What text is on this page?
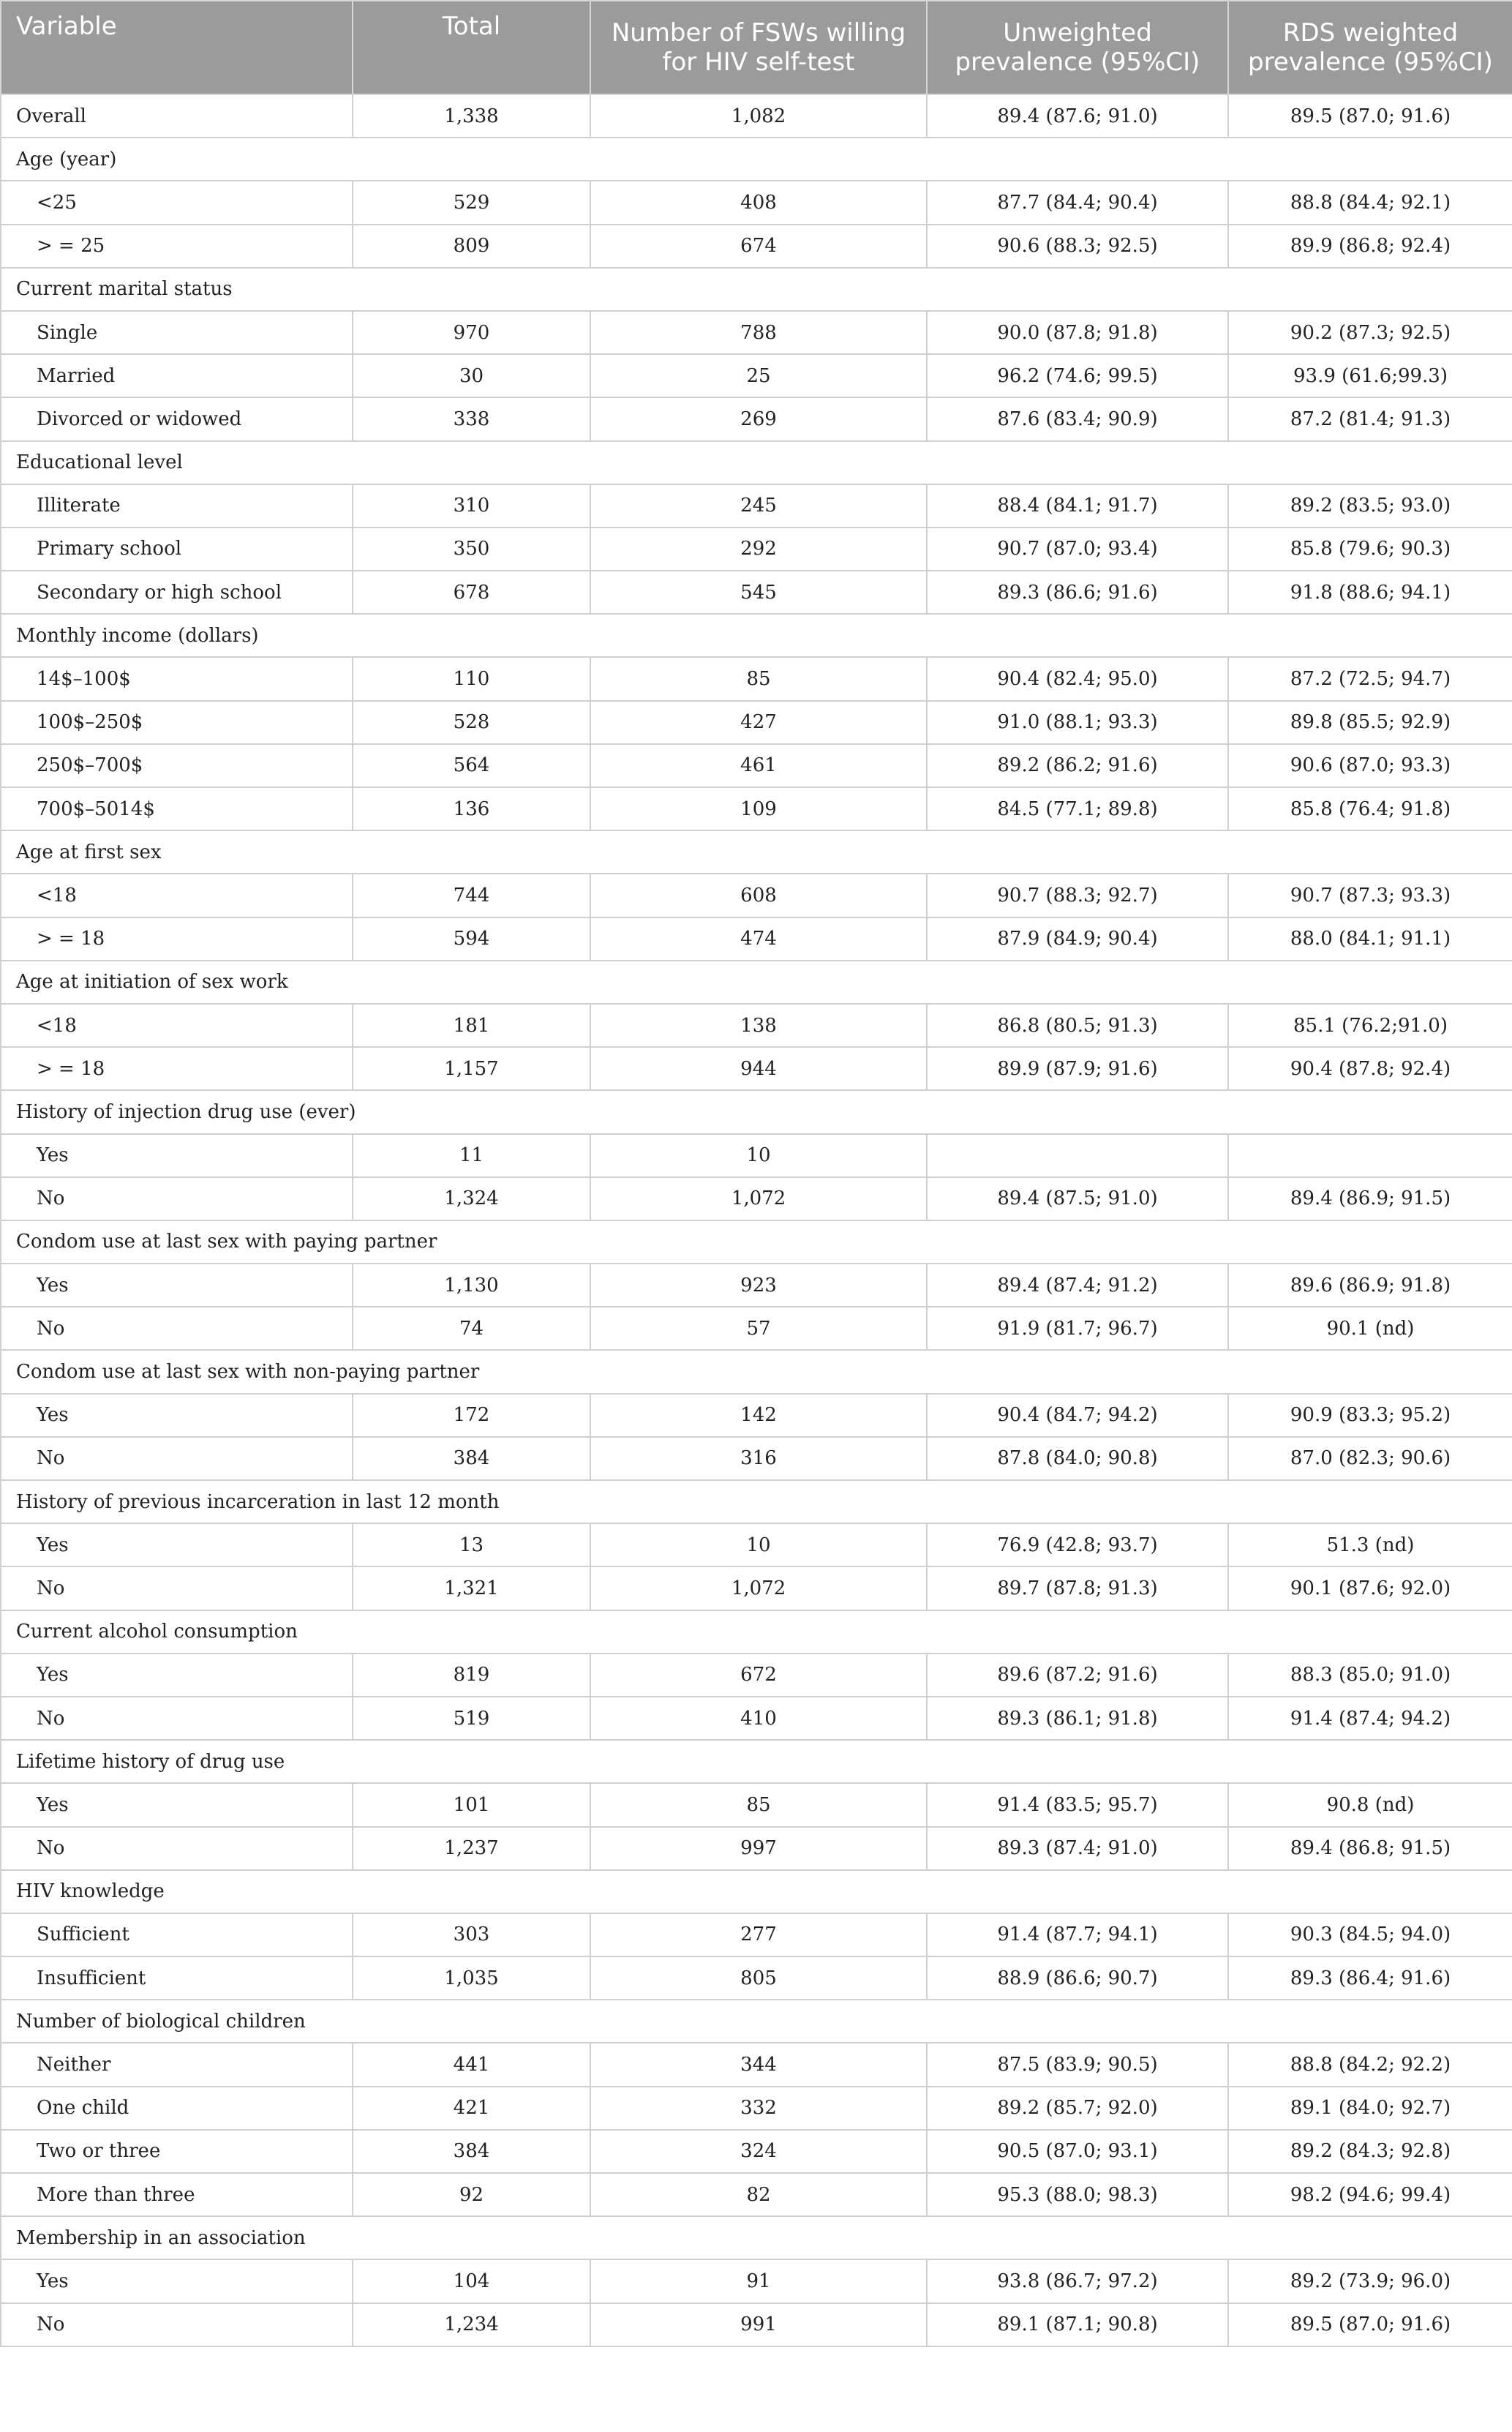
Variable	Total	Number of FSWs willing for HIV self-test	Unweighted prevalence (95%CI)	RDS weighted prevalence (95%CI)
Overall	1,338	1,082	89.4 (87.6; 91.0)	89.5 (87.0; 91.6)
Age (year)				
<25	529	408	87.7 (84.4; 90.4)	88.8 (84.4; 92.1)
> = 25	809	674	90.6 (88.3; 92.5)	89.9 (86.8; 92.4)
Current marital status				
Single	970	788	90.0 (87.8; 91.8)	90.2 (87.3; 92.5)
Married	30	25	96.2 (74.6; 99.5)	93.9 (61.6;99.3)
Divorced or widowed	338	269	87.6 (83.4; 90.9)	87.2 (81.4; 91.3)
Educational level				
Illiterate	310	245	88.4 (84.1; 91.7)	89.2 (83.5; 93.0)
Primary school	350	292	90.7 (87.0; 93.4)	85.8 (79.6; 90.3)
Secondary or high school	678	545	89.3 (86.6; 91.6)	91.8 (88.6; 94.1)
Monthly income (dollars)				
14$–100$	110	85	90.4 (82.4; 95.0)	87.2 (72.5; 94.7)
100$–250$	528	427	91.0 (88.1; 93.3)	89.8 (85.5; 92.9)
250$–700$	564	461	89.2 (86.2; 91.6)	90.6 (87.0; 93.3)
700$–5014$	136	109	84.5 (77.1; 89.8)	85.8 (76.4; 91.8)
Age at first sex				
<18	744	608	90.7 (88.3; 92.7)	90.7 (87.3; 93.3)
> = 18	594	474	87.9 (84.9; 90.4)	88.0 (84.1; 91.1)
Age at initiation of sex work				
<18	181	138	86.8 (80.5; 91.3)	85.1 (76.2;91.0)
> = 18	1,157	944	89.9 (87.9; 91.6)	90.4 (87.8; 92.4)
History of injection drug use (ever)				
Yes	11	10		
No	1,324	1,072	89.4 (87.5; 91.0)	89.4 (86.9; 91.5)
Condom use at last sex with paying partner				
Yes	1,130	923	89.4 (87.4; 91.2)	89.6 (86.9; 91.8)
No	74	57	91.9 (81.7; 96.7)	90.1 (nd)
Condom use at last sex with non-paying partner				
Yes	172	142	90.4 (84.7; 94.2)	90.9 (83.3; 95.2)
No	384	316	87.8 (84.0; 90.8)	87.0 (82.3; 90.6)
History of previous incarceration in last 12 month				
Yes	13	10	76.9 (42.8; 93.7)	51.3 (nd)
No	1,321	1,072	89.7 (87.8; 91.3)	90.1 (87.6; 92.0)
Current alcohol consumption				
Yes	819	672	89.6 (87.2; 91.6)	88.3 (85.0; 91.0)
No	519	410	89.3 (86.1; 91.8)	91.4 (87.4; 94.2)
Lifetime history of drug use				
Yes	101	85	91.4 (83.5; 95.7)	90.8 (nd)
No	1,237	997	89.3 (87.4; 91.0)	89.4 (86.8; 91.5)
HIV knowledge				
Sufficient	303	277	91.4 (87.7; 94.1)	90.3 (84.5; 94.0)
Insufficient	1,035	805	88.9 (86.6; 90.7)	89.3 (86.4; 91.6)
Number of biological children				
Neither	441	344	87.5 (83.9; 90.5)	88.8 (84.2; 92.2)
One child	421	332	89.2 (85.7; 92.0)	89.1 (84.0; 92.7)
Two or three	384	324	90.5 (87.0; 93.1)	89.2 (84.3; 92.8)
More than three	92	82	95.3 (88.0; 98.3)	98.2 (94.6; 99.4)
Membership in an association				
Yes	104	91	93.8 (86.7; 97.2)	89.2 (73.9; 96.0)
No	1,234	991	89.1 (87.1; 90.8)	89.5 (87.0; 91.6)
